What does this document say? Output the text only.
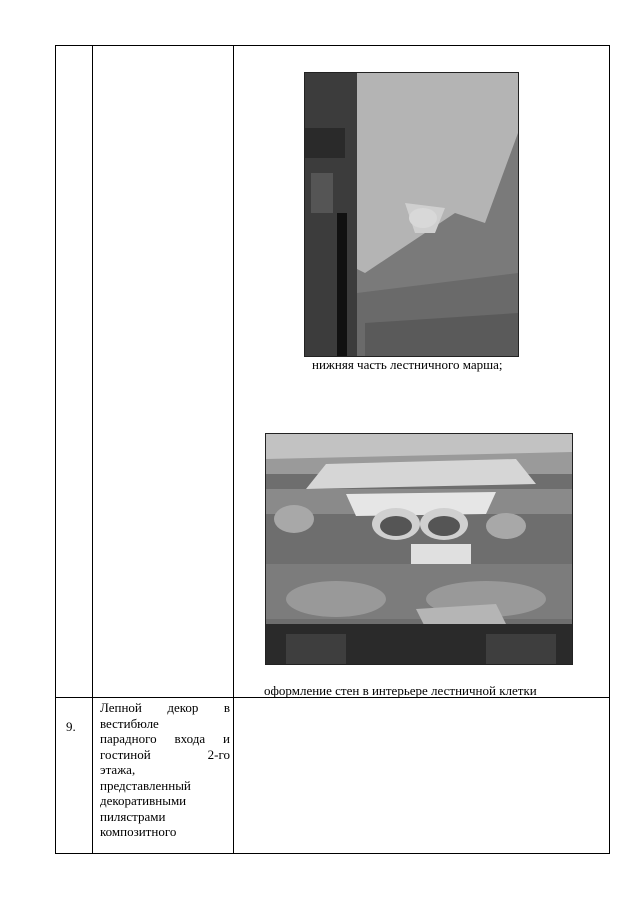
нижняя часть лестничного марша;
оформление стен в интерьере лестничной клетки
9.
Лепной декор в
вестибюле
парадного входа и
гостиной	2-го
этажа,
представленный
декоративными
пилястрами
композитного
